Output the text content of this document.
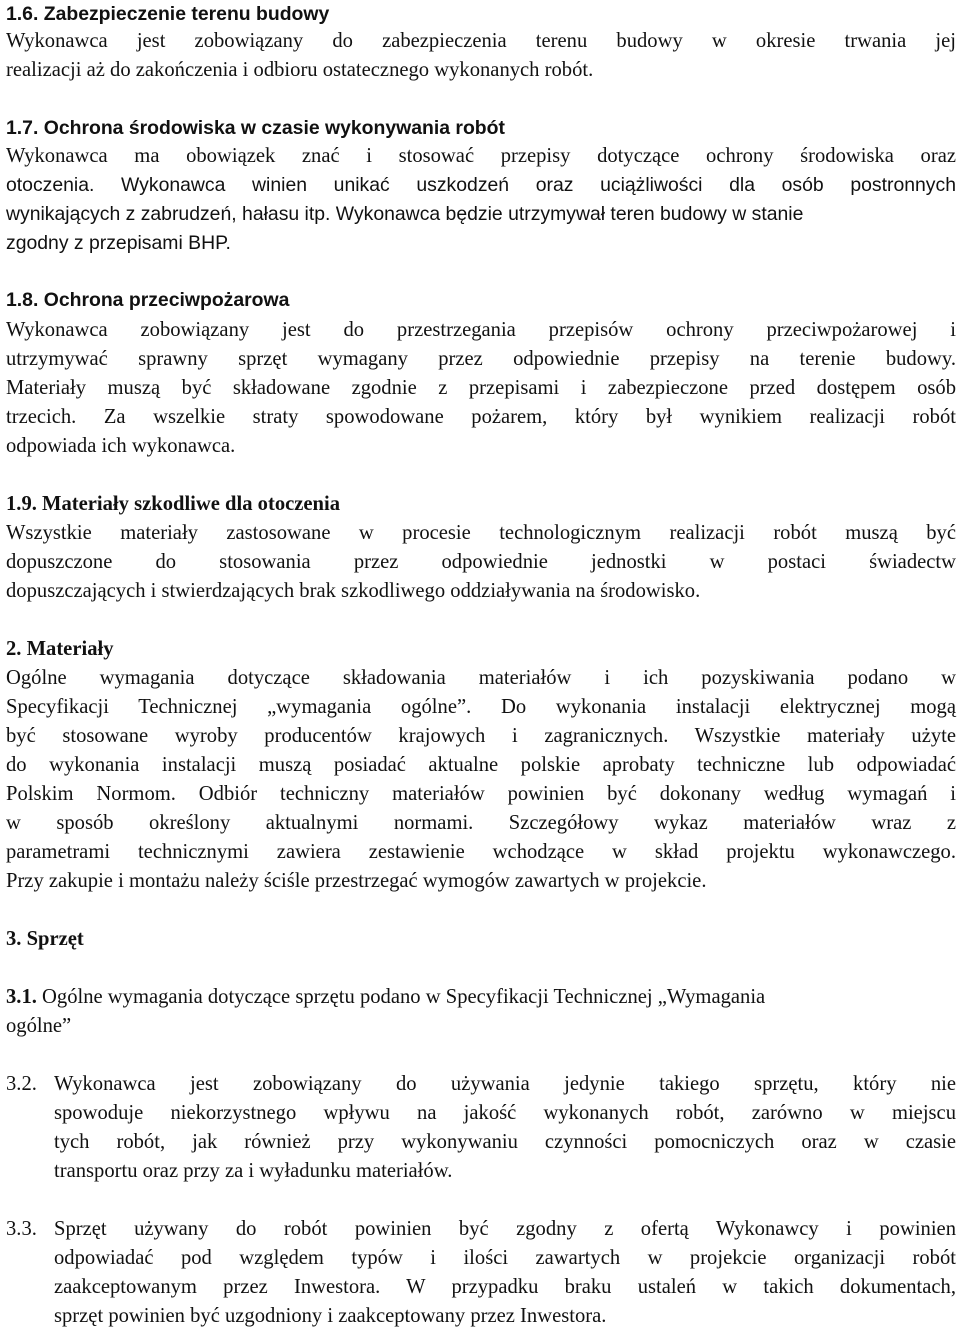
1.6. Zabezpieczenie terenu budowy
Wykonawca jest zobowiązany do zabezpieczenia terenu budowy w okresie trwania jej
realizacji aż do zakończenia i odbioru ostatecznego wykonanych robót.
1.7. Ochrona środowiska w czasie wykonywania robót
Wykonawca ma obowiązek znać i stosować przepisy dotyczące ochrony środowiska oraz
otoczenia. Wykonawca winien unikać uszkodzeń oraz uciążliwości dla osób postronnych
wynikających z zabrudzeń, hałasu itp. Wykonawca będzie utrzymywał teren budowy w stanie
zgodny z przepisami BHP.
1.8. Ochrona przeciwpożarowa
Wykonawca zobowiązany jest do przestrzegania przepisów ochrony przeciwpożarowej i
utrzymywać sprawny sprzęt wymagany przez odpowiednie przepisy na terenie budowy.
Materiały muszą być składowane zgodnie z przepisami i zabezpieczone przed dostępem osób
trzecich. Za wszelkie straty spowodowane pożarem, który był wynikiem realizacji robót
odpowiada ich wykonawca.
1.9. Materiały szkodliwe dla otoczenia
Wszystkie materiały zastosowane w procesie technologicznym realizacji robót muszą być
dopuszczone do stosowania przez odpowiednie jednostki w postaci świadectw
dopuszczających i stwierdzających brak szkodliwego oddziaływania na środowisko.
2. Materiały
Ogólne wymagania dotyczące składowania materiałów i ich pozyskiwania podano w
Specyfikacji Technicznej „wymagania ogólne”. Do wykonania instalacji elektrycznej mogą
być stosowane wyroby producentów krajowych i zagranicznych. Wszystkie materiały użyte
do wykonania instalacji muszą posiadać aktualne polskie aprobaty techniczne lub odpowiadać
Polskim Normom. Odbiór techniczny materiałów powinien być dokonany według wymagań i
w sposób określony aktualnymi normami. Szczegółowy wykaz materiałów wraz z
parametrami technicznymi zawiera zestawienie wchodzące w skład projektu wykonawczego.
Przy zakupie i montażu należy ściśle przestrzegać wymogów zawartych w projekcie.
3. Sprzęt
3.1. Ogólne wymagania dotyczące sprzętu podano w Specyfikacji Technicznej „Wymagania
ogólne”
3.2. Wykonawca jest zobowiązany do używania jedynie takiego sprzętu, który nie
spowoduje niekorzystnego wpływu na jakość wykonanych robót, zarówno w miejscu
tych robót, jak również przy wykonywaniu czynności pomocniczych oraz w czasie
transportu oraz przy za i wyładunku materiałów.
3.3. Sprzęt używany do robót powinien być zgodny z ofertą Wykonawcy i powinien
odpowiadać pod względem typów i ilości zawartych w projekcie organizacji robót
zaakceptowanym przez Inwestora. W przypadku braku ustaleń w takich dokumentach,
sprzęt powinien być uzgodniony i zaakceptowany przez Inwestora.
